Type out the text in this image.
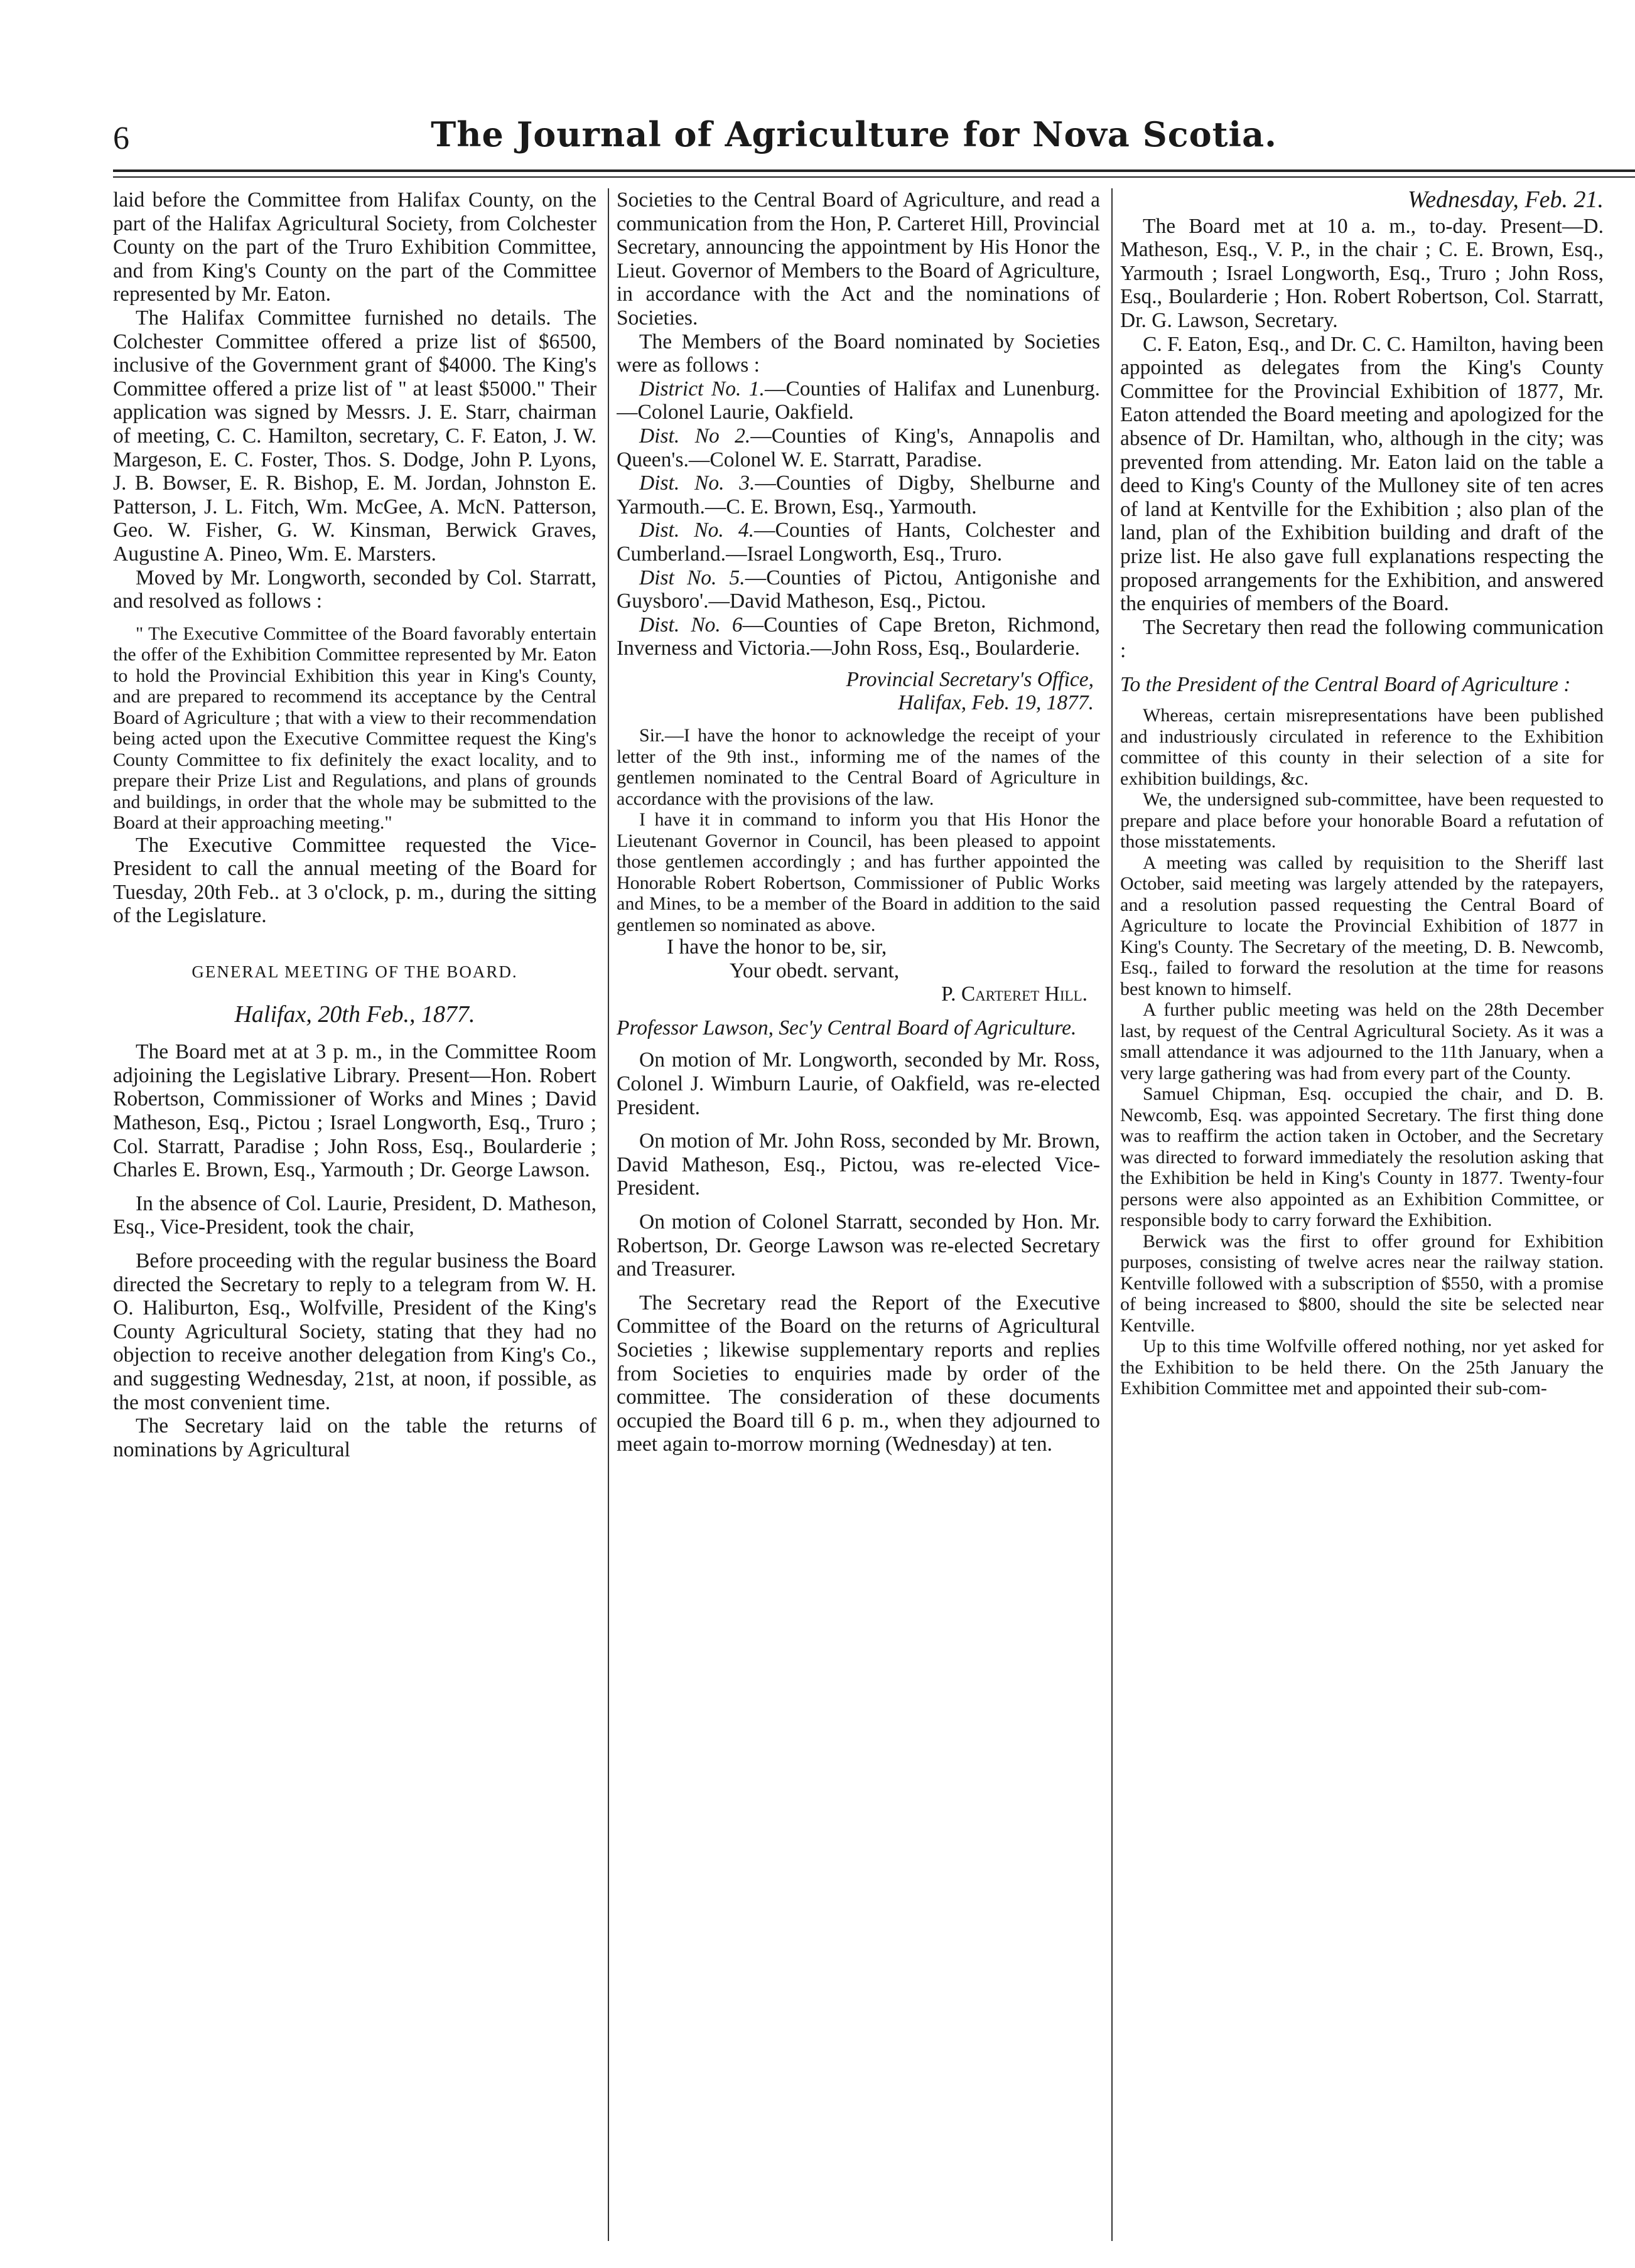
6	The Journal of Agriculture for Nova Scotia.

laid before the Committee from Halifax County, on the part of the Halifax Agricultural Society, from Colchester County on the part of the Truro Exhibition Committee, and from King's County on the part of the Committee represented by Mr. Eaton.

The Halifax Committee furnished no details. The Colchester Committee offered a prize list of $6500, inclusive of the Government grant of $4000. The King's Committee offered a prize list of " at least $5000." Their application was signed by Messrs. J. E. Starr, chairman of meeting, C. C. Hamilton, secretary, C. F. Eaton, J. W. Margeson, E. C. Foster, Thos. S. Dodge, John P. Lyons, J. B. Bowser, E. R. Bishop, E. M. Jordan, Johnston E. Patterson, J. L. Fitch, Wm. McGee, A. McN. Patterson, Geo. W. Fisher, G. W. Kinsman, Berwick Graves, Augustine A. Pineo, Wm. E. Marsters.

Moved by Mr. Longworth, seconded by Col. Starratt, and resolved as follows :

" The Executive Committee of the Board favorably entertain the offer of the Exhibition Committee represented by Mr. Eaton to hold the Provincial Exhibition this year in King's County, and are prepared to recommend its acceptance by the Central Board of Agriculture ; that with a view to their recommendation being acted upon the Executive Committee request the King's County Committee to fix definitely the exact locality, and to prepare their Prize List and Regulations, and plans of grounds and buildings, in order that the whole may be submitted to the Board at their approaching meeting."

The Executive Committee requested the Vice-President to call the annual meeting of the Board for Tuesday, 20th Feb.. at 3 o'clock, p. m., during the sitting of the Legislature.

GENERAL MEETING OF THE BOARD.
Halifax, 20th Feb., 1877.

The Board met at at 3 p. m., in the Committee Room adjoining the Legislative Library. Present—Hon. Robert Robertson, Commissioner of Works and Mines ; David Matheson, Esq., Pictou ; Israel Longworth, Esq., Truro ; Col. Starratt, Paradise ; John Ross, Esq., Boularderie ; Charles E. Brown, Esq., Yarmouth ; Dr. George Lawson.

In the absence of Col. Laurie, President, D. Matheson, Esq., Vice-President, took the chair,

Before proceeding with the regular business the Board directed the Secretary to reply to a telegram from W. H. O. Haliburton, Esq., Wolfville, President of the King's County Agricultural Society, stating that they had no objection to receive another delegation from King's Co., and suggesting Wednesday, 21st, at noon, if possible, as the most convenient time.

The Secretary laid on the table the returns of nominations by Agricultural

Societies to the Central Board of Agriculture, and read a communication from the Hon, P. Carteret Hill, Provincial Secretary, announcing the appointment by His Honor the Lieut. Governor of Members to the Board of Agriculture, in accordance with the Act and the nominations of Societies.

The Members of the Board nominated by Societies were as follows :

District No. 1.—Counties of Halifax and Lunenburg.—Colonel Laurie, Oakfield.

Dist. No 2.—Counties of King's, Annapolis and Queen's.—Colonel W. E. Starratt, Paradise.

Dist. No. 3.—Counties of Digby, Shelburne and Yarmouth.—C. E. Brown, Esq., Yarmouth.

Dist. No. 4.—Counties of Hants, Colchester and Cumberland.—Israel Longworth, Esq., Truro.

Dist No. 5.—Counties of Pictou, Antigonishe and Guysboro'.—David Matheson, Esq., Pictou.

Dist. No. 6—Counties of Cape Breton, Richmond, Inverness and Victoria.—John Ross, Esq., Boularderie.

Provincial Secretary's Office,
Halifax, Feb. 19, 1877.

Sir.—I have the honor to acknowledge the receipt of your letter of the 9th inst., informing me of the names of the gentlemen nominated to the Central Board of Agriculture in accordance with the provisions of the law.

I have it in command to inform you that His Honor the Lieutenant Governor in Council, has been pleased to appoint those gentlemen accordingly ; and has further appointed the Honorable Robert Robertson, Commissioner of Public Works and Mines, to be a member of the Board in addition to the said gentlemen so nominated as above.

I have the honor to be, sir,

Your obedt. servant,

P. Carteret Hill.

Professor Lawson, Sec'y Central Board of Agriculture.

On motion of Mr. Longworth, seconded by Mr. Ross, Colonel J. Wimburn Laurie, of Oakfield, was re-elected President.

On motion of Mr. John Ross, seconded by Mr. Brown, David Matheson, Esq., Pictou, was re-elected Vice-President.

On motion of Colonel Starratt, seconded by Hon. Mr. Robertson, Dr. George Lawson was re-elected Secretary and Treasurer.

The Secretary read the Report of the Executive Committee of the Board on the returns of Agricultural Societies ; likewise supplementary reports and replies from Societies to enquiries made by order of the committee. The consideration of these documents occupied the Board till 6 p. m., when they adjourned to meet again to-morrow morning (Wednesday) at ten.

Wednesday, Feb. 21.

The Board met at 10 a. m., to-day. Present—D. Matheson, Esq., V. P., in the chair ; C. E. Brown, Esq., Yarmouth ; Israel Longworth, Esq., Truro ; John Ross, Esq., Boularderie ; Hon. Robert Robertson, Col. Starratt, Dr. G. Lawson, Secretary.

C. F. Eaton, Esq., and Dr. C. C. Hamilton, having been appointed as delegates from the King's County Committee for the Provincial Exhibition of 1877, Mr. Eaton attended the Board meeting and apologized for the absence of Dr. Hamiltan, who, although in the city; was prevented from attending. Mr. Eaton laid on the table a deed to King's County of the Mulloney site of ten acres of land at Kentville for the Exhibition ; also plan of the land, plan of the Exhibition building and draft of the prize list. He also gave full explanations respecting the proposed arrangements for the Exhibition, and answered the enquiries of members of the Board.

The Secretary then read the following communication :

To the President of the Central Board of Agriculture :

Whereas, certain misrepresentations have been published and industriously circulated in reference to the Exhibition committee of this county in their selection of a site for exhibition buildings, &c.

We, the undersigned sub-committee, have been requested to prepare and place before your honorable Board a refutation of those misstatements.

A meeting was called by requisition to the Sheriff last October, said meeting was largely attended by the ratepayers, and a resolution passed requesting the Central Board of Agriculture to locate the Provincial Exhibition of 1877 in King's County. The Secretary of the meeting, D. B. Newcomb, Esq., failed to forward the resolution at the time for reasons best known to himself.

A further public meeting was held on the 28th December last, by request of the Central Agricultural Society. As it was a small attendance it was adjourned to the 11th January, when a very large gathering was had from every part of the County.

Samuel Chipman, Esq. occupied the chair, and D. B. Newcomb, Esq. was appointed Secretary. The first thing done was to reaffirm the action taken in October, and the Secretary was directed to forward immediately the resolution asking that the Exhibition be held in King's County in 1877. Twenty-four persons were also appointed as an Exhibition Committee, or responsible body to carry forward the Exhibition.

Berwick was the first to offer ground for Exhibition purposes, consisting of twelve acres near the railway station. Kentville followed with a subscription of $550, with a promise of being increased to $800, should the site be selected near Kentville.

Up to this time Wolfville offered nothing, nor yet asked for the Exhibition to be held there. On the 25th January the Exhibition Committee met and appointed their sub-com-
